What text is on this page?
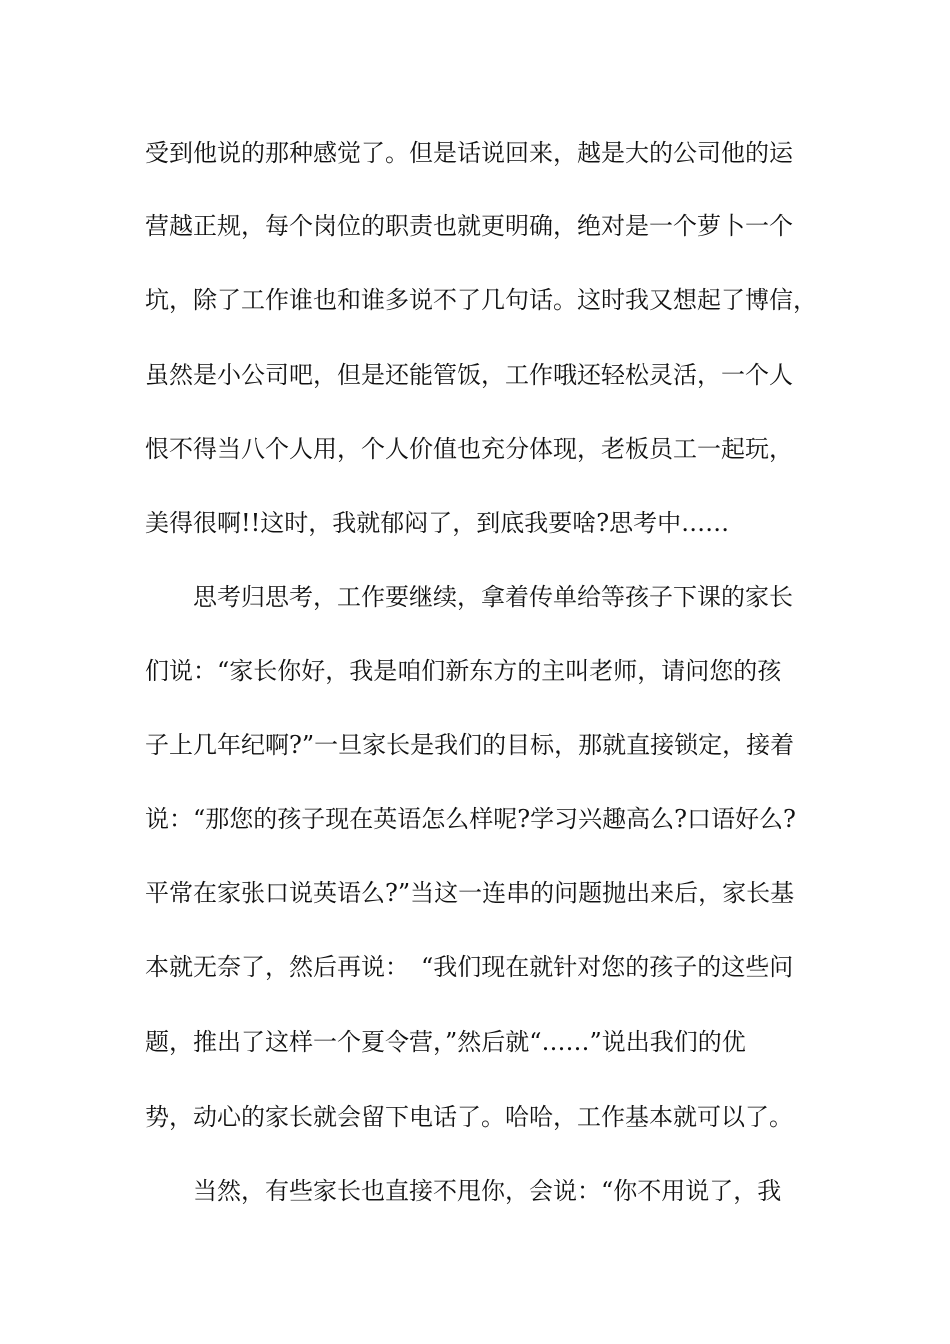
受到他说的那种感觉了。但是话说回来，越是大的公司他的运
营越正规，每个岗位的职责也就更明确，绝对是一个萝卜一个
坑，除了工作谁也和谁多说不了几句话。这时我又想起了博信，
虽然是小公司吧，但是还能管饭，工作哦还轻松灵活，一个人
恨不得当八个人用，个人价值也充分体现，老板员工一起玩，
美得很啊!!这时，我就郁闷了，到底我要啥?思考中……
思考归思考，工作要继续，拿着传单给等孩子下课的家长
们说：“家长你好，我是咱们新东方的主叫老师，请问您的孩
子上几年纪啊?”一旦家长是我们的目标，那就直接锁定，接着
说：“那您的孩子现在英语怎么样呢?学习兴趣高么?口语好么?
平常在家张口说英语么?”当这一连串的问题抛出来后，家长基
本就无奈了，然后再说：　“我们现在就针对您的孩子的这些问
题，推出了这样一个夏令营，”然后就“……”说出我们的优
势，动心的家长就会留下电话了。哈哈，工作基本就可以了。
当然，有些家长也直接不甩你，会说：“你不用说了，我
